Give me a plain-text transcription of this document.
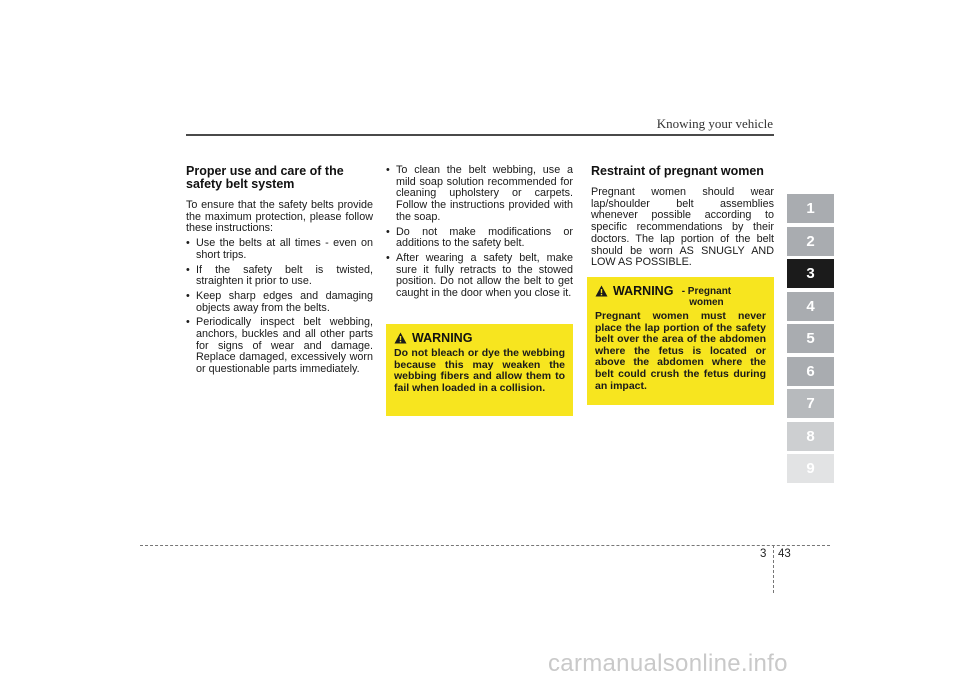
Knowing your vehicle
Proper use and care of the safety belt system

To ensure that the safety belts provide the maximum protection, please follow these instructions:

• Use the belts at all times - even on short trips.
• If the safety belt is twisted, straighten it prior to use.
• Keep sharp edges and damaging objects away from the belts.
• Periodically inspect belt webbing, anchors, buckles and all other parts for signs of wear and damage. Replace damaged, excessively worn or questionable parts immediately.
• To clean the belt webbing, use a mild soap solution recommended for cleaning upholstery or carpets. Follow the instructions provided with the soap.
• Do not make modifications or additions to the safety belt.
• After wearing a safety belt, make sure it fully retracts to the stowed position. Do not allow the belt to get caught in the door when you close it.
WARNING
Do not bleach or dye the webbing because this may weaken the webbing fibers and allow them to fail when loaded in a collision.
Restraint of pregnant women

Pregnant women should wear lap/shoulder belt assemblies whenever possible according to specific recommendations by their doctors. The lap portion of the belt should be worn AS SNUGLY AND LOW AS POSSIBLE.

WARNING - Pregnant women
Pregnant women must never place the lap portion of the safety belt over the area of the abdomen where the fetus is located or above the abdomen where the belt could crush the fetus during an impact.
1
2
3
4
5
6
7
8
9
3 43
carmanualsonline.info
